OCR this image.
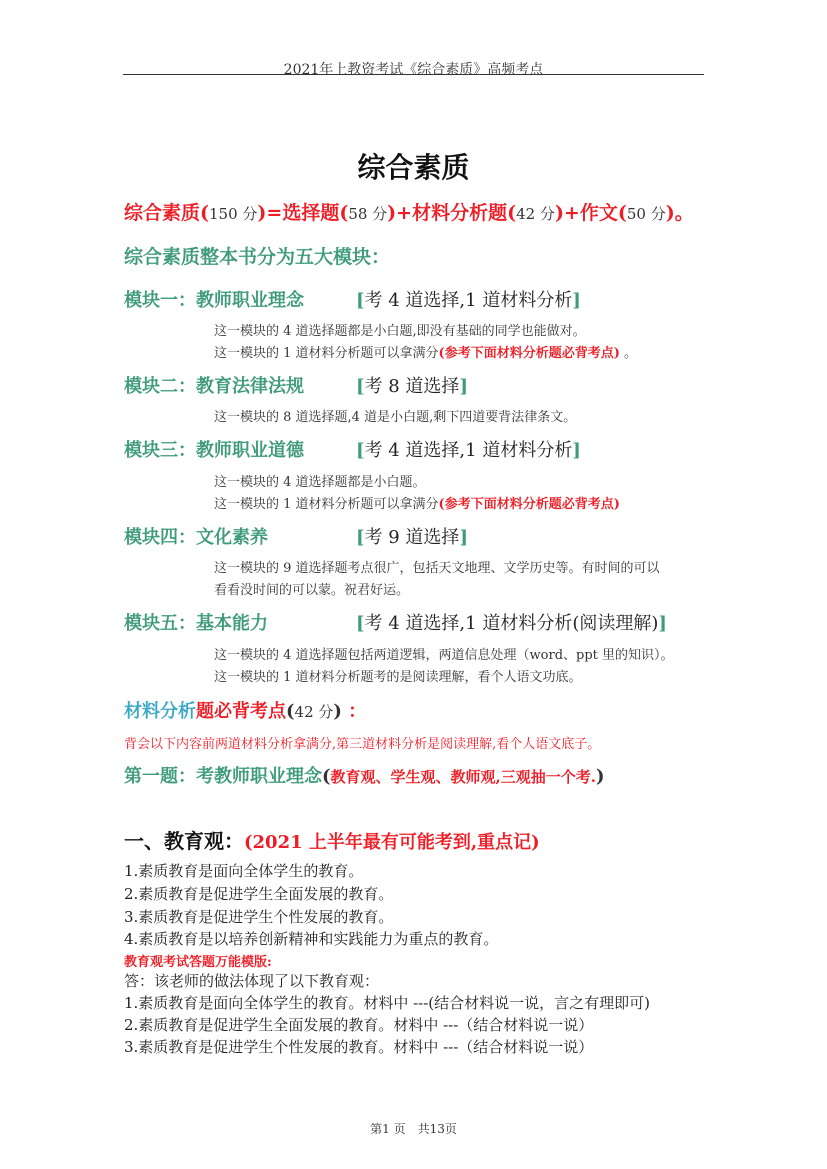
2021年上教资考试《综合素质》高频考点
综合素质
综合素质(150 分)=选择题(58 分)+材料分析题(42 分)+作文(50 分)。
综合素质整本书分为五大模块：
模块一：教师职业理念	[考 4 道选择,1 道材料分析]
这一模块的 4 道选择题都是小白题,即没有基础的同学也能做对。
这一模块的 1 道材料分析题可以拿满分(参考下面材料分析题必背考点) 。
模块二：教育法律法规	[考 8 道选择]
这一模块的 8 道选择题,4 道是小白题,剩下四道要背法律条文。
模块三：教师职业道德	[考 4 道选择,1 道材料分析]
这一模块的 4 道选择题都是小白题。
这一模块的 1 道材料分析题可以拿满分(参考下面材料分析题必背考点)
模块四：文化素养	[考 9 道选择]
这一模块的 9 道选择题考点很广，包括天文地理、文学历史等。有时间的可以
看看没时间的可以蒙。祝君好运。
模块五：基本能力	[考 4 道选择,1 道材料分析(阅读理解)]
这一模块的 4 道选择题包括两道逻辑，两道信息处理（word、ppt 里的知识）。
这一模块的 1 道材料分析题考的是阅读理解，看个人语文功底。
材料分析题必背考点(42 分) ：
背会以下内容前两道材料分析拿满分,第三道材料分析是阅读理解,看个人语文底子。
第一题：考教师职业理念(教育观、学生观、教师观,三观抽一个考.)
一、教育观：(2021 上半年最有可能考到,重点记)
1.素质教育是面向全体学生的教育。
2.素质教育是促进学生全面发展的教育。
3.素质教育是促进学生个性发展的教育。
4.素质教育是以培养创新精神和实践能力为重点的教育。
教育观考试答题万能模版:
答：该老师的做法体现了以下教育观：
1.素质教育是面向全体学生的教育。材料中 ---(结合材料说一说，言之有理即可)
2.素质教育是促进学生全面发展的教育。材料中 ---（结合材料说一说）
3.素质教育是促进学生个性发展的教育。材料中 ---（结合材料说一说）
第1 页　共13页
